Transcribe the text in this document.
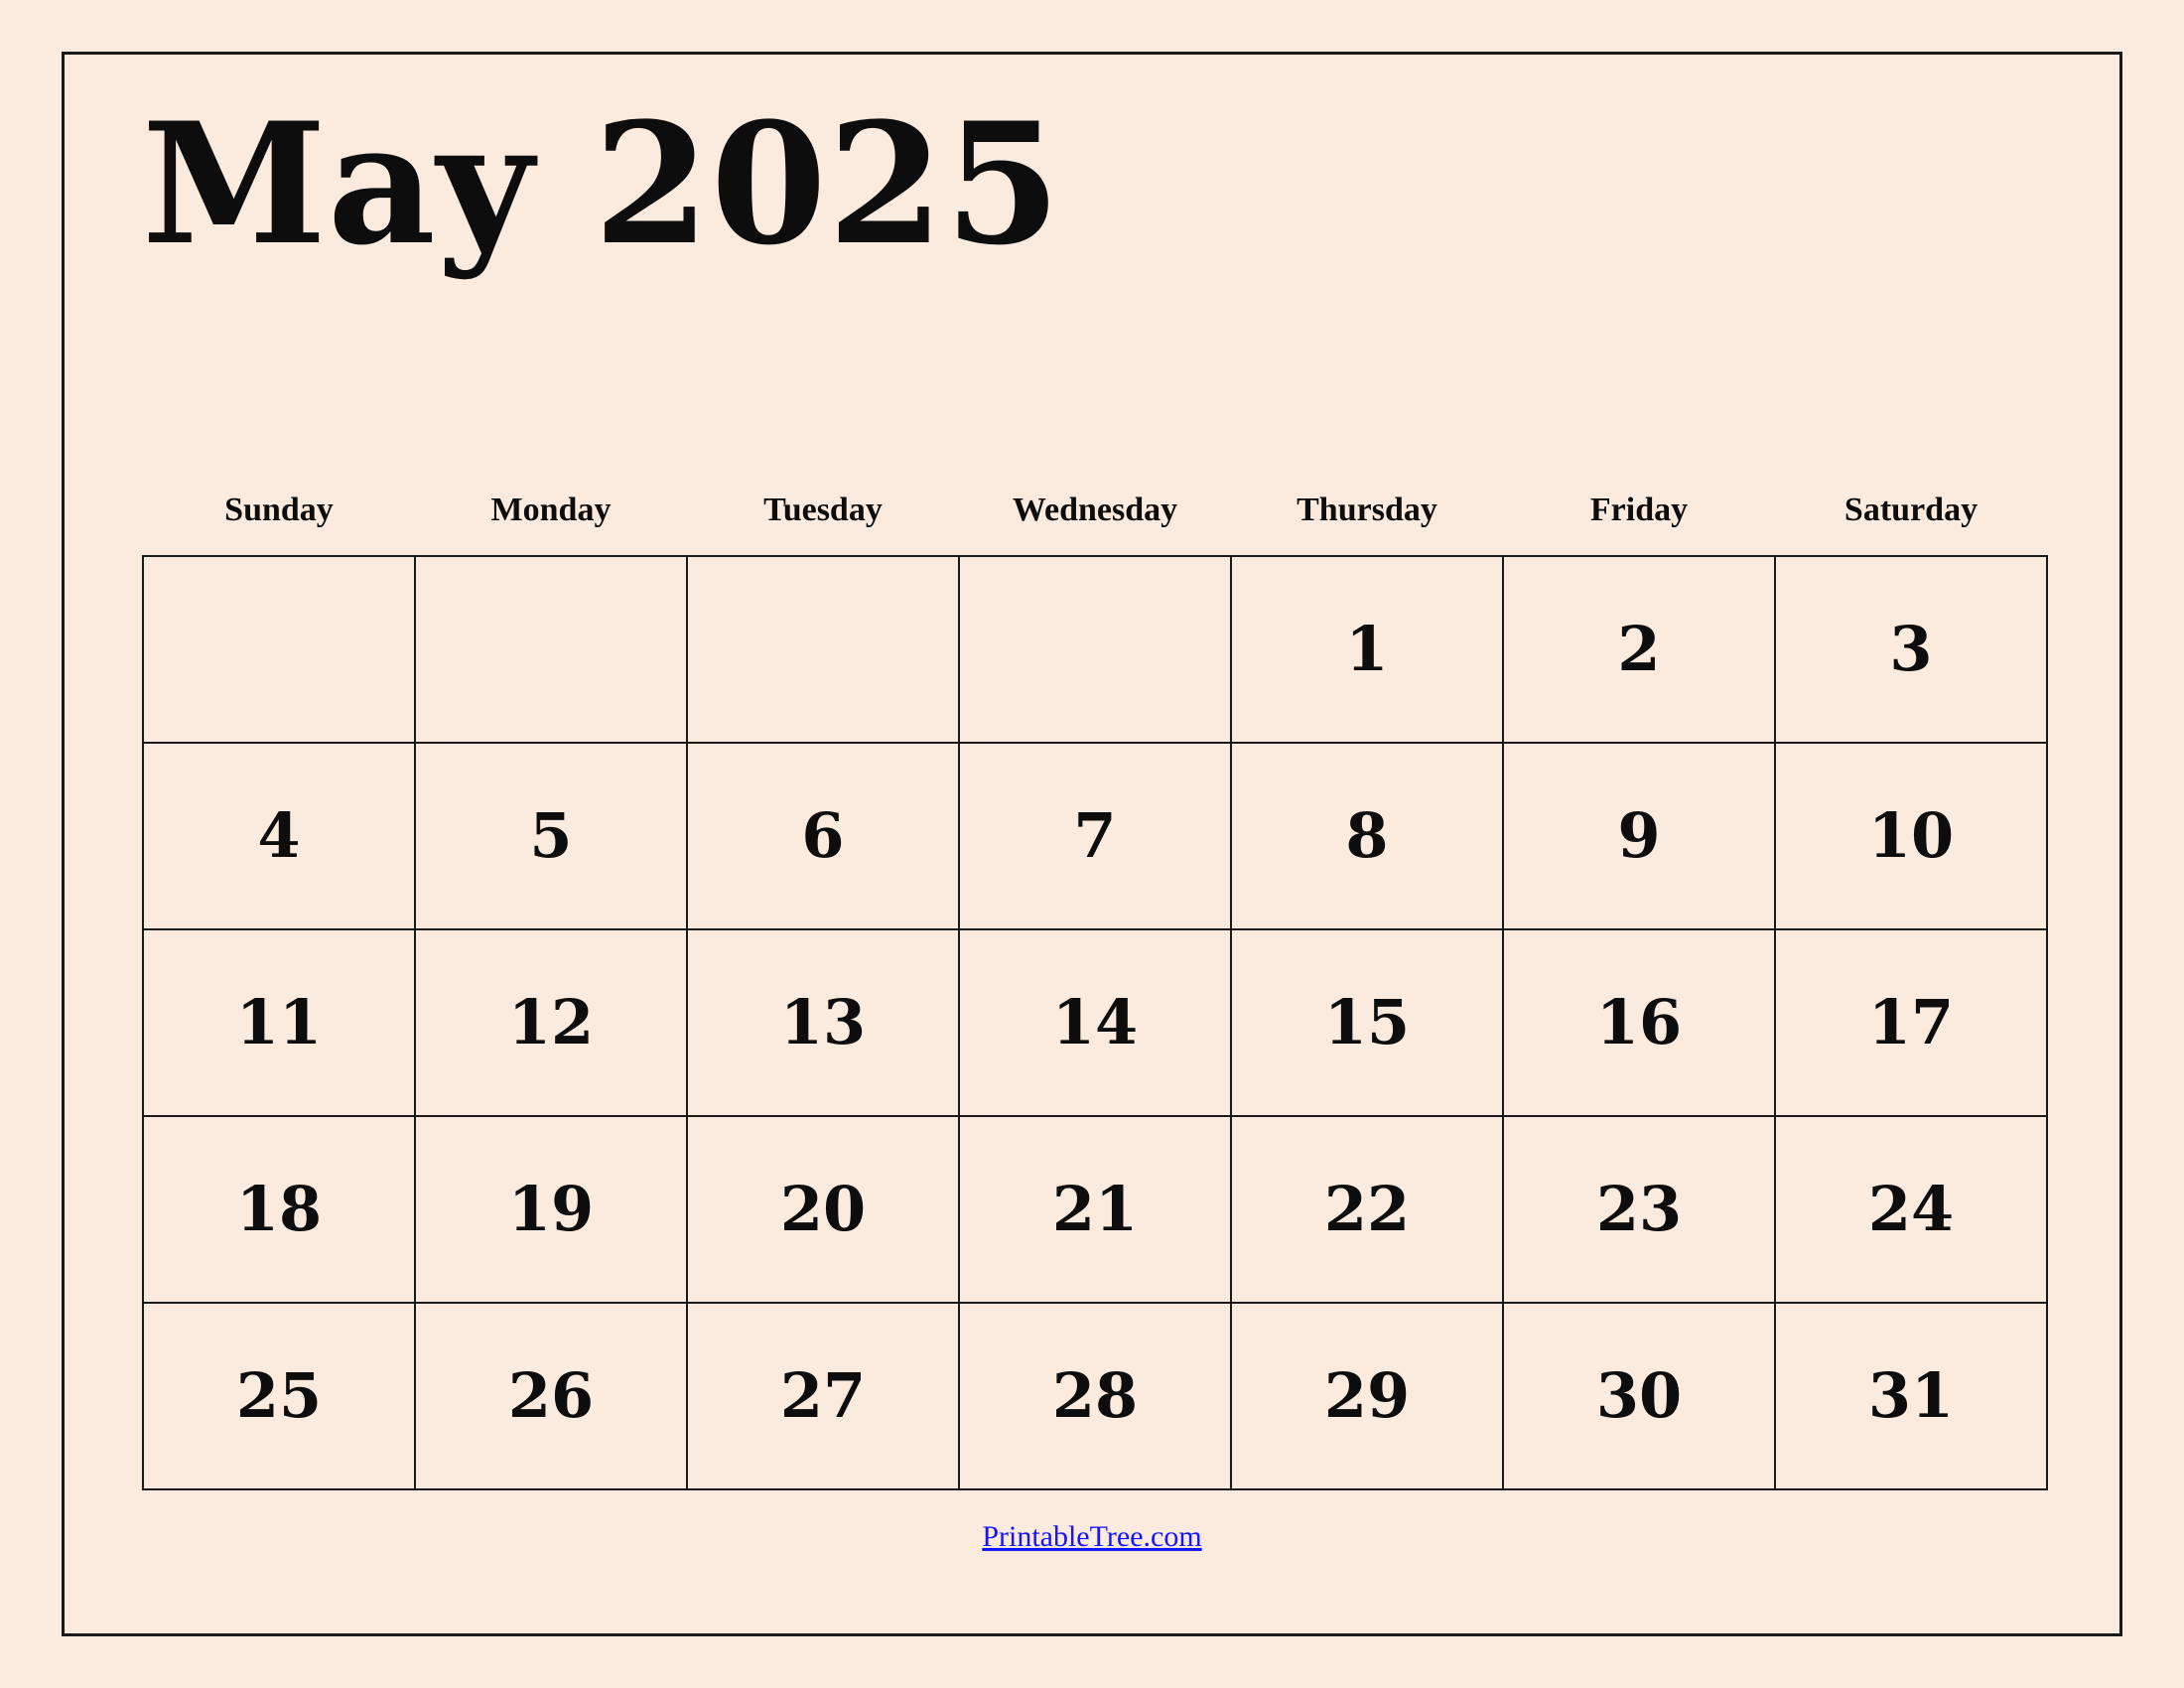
May 2025
Sunday	Monday	Tuesday	Wednesday	Thursday	Friday	Saturday

				1	2	3

4	5	6	7	8	9	10

11	12	13	14	15	16	17

18	19	20	21	22	23	24

25	26	27	28	29	30	31
PrintableTree.com
